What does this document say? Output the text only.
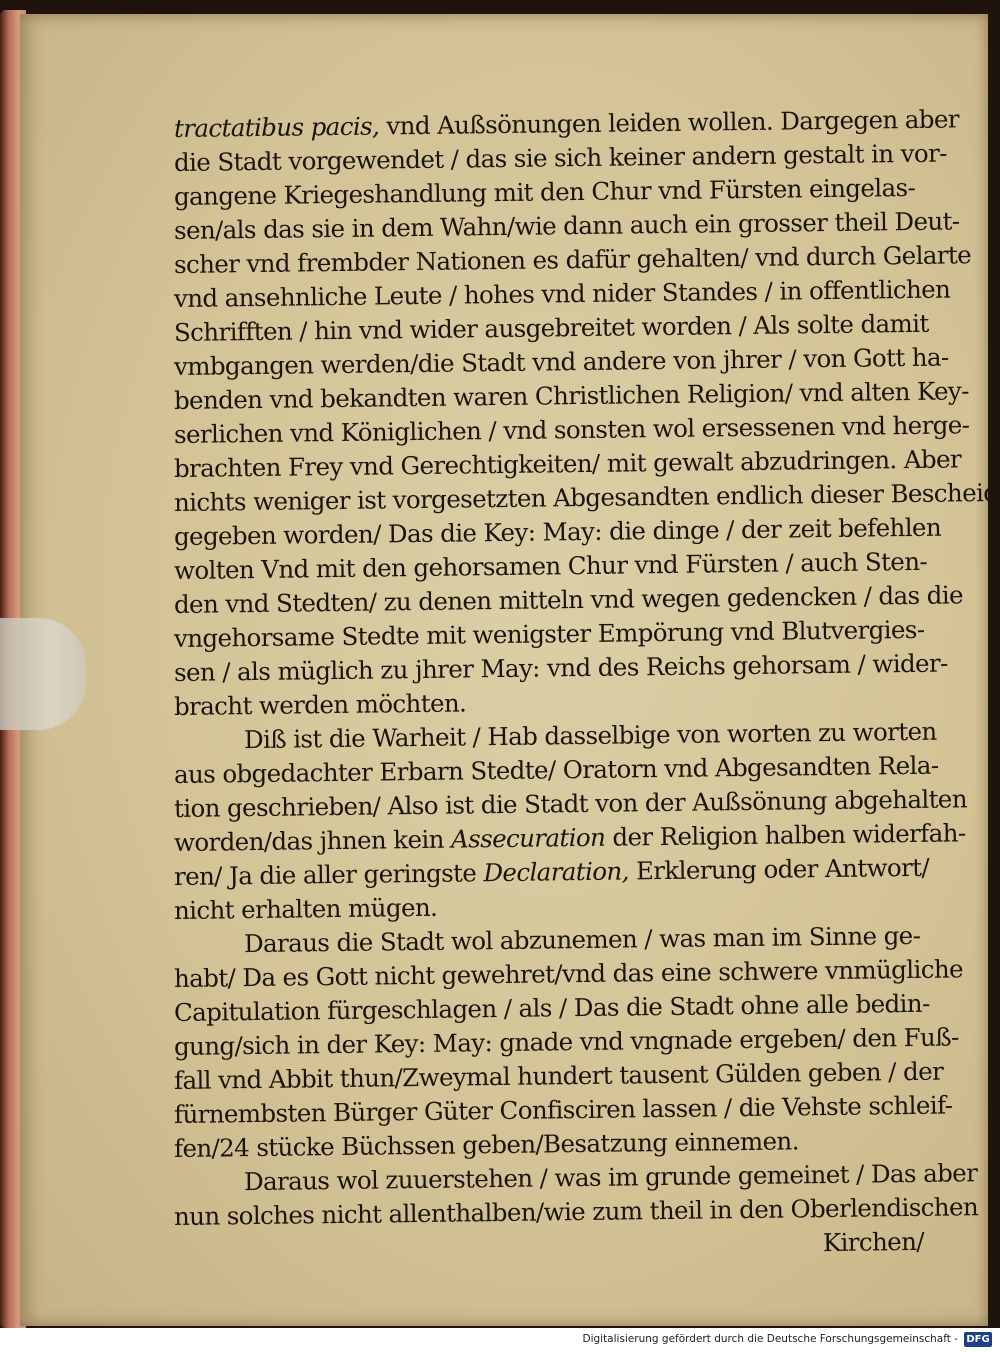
tractatibus pacis, vnd Außsönungen leiden wollen. Dargegen aber
die Stadt vorgewendet / das sie sich keiner andern gestalt in vor-
gangene Kriegeshandlung mit den Chur vnd Fürsten eingelas-
sen/als das sie in dem Wahn/wie dann auch ein grosser theil Deut-
scher vnd frembder Nationen es dafür gehalten/ vnd durch Gelarte
vnd ansehnliche Leute / hohes vnd nider Standes / in offentlichen
Schrifften / hin vnd wider ausgebreitet worden / Als solte damit
vmbgangen werden/die Stadt vnd andere von jhrer / von Gott ha-
benden vnd bekandten waren Christlichen Religion/ vnd alten Key-
serlichen vnd Königlichen / vnd sonsten wol ersessenen vnd herge-
brachten Frey vnd Gerechtigkeiten/ mit gewalt abzudringen. Aber
nichts weniger ist vorgesetzten Abgesandten endlich dieser Bescheid
gegeben worden/ Das die Key: May: die dinge / der zeit befehlen
wolten Vnd mit den gehorsamen Chur vnd Fürsten / auch Sten-
den vnd Stedten/ zu denen mitteln vnd wegen gedencken / das die
vngehorsame Stedte mit wenigster Empörung vnd Blutvergies-
sen / als müglich zu jhrer May: vnd des Reichs gehorsam / wider-
bracht werden möchten.
Diß ist die Warheit / Hab dasselbige von worten zu worten
aus obgedachter Erbarn Stedte/ Oratorn vnd Abgesandten Rela-
tion geschrieben/ Also ist die Stadt von der Außsönung abgehalten
worden/das jhnen kein Assecuration der Religion halben widerfah-
ren/ Ja die aller geringste Declaration, Erklerung oder Antwort/
nicht erhalten mügen.
Daraus die Stadt wol abzunemen / was man im Sinne ge-
habt/ Da es Gott nicht gewehret/vnd das eine schwere vnmügliche
Capitulation fürgeschlagen / als / Das die Stadt ohne alle bedin-
gung/sich in der Key: May: gnade vnd vngnade ergeben/ den Fuß-
fall vnd Abbit thun/Zweymal hundert tausent Gülden geben / der
fürnembsten Bürger Güter Confisciren lassen / die Vehste schleif-
fen/24 stücke Büchssen geben/Besatzung einnemen.
Daraus wol zuuerstehen / was im grunde gemeinet / Das aber
nun solches nicht allenthalben/wie zum theil in den Oberlendischen
Kirchen/
Digitalisierung gefördert durch die Deutsche Forschungsgemeinschaft - DFG
